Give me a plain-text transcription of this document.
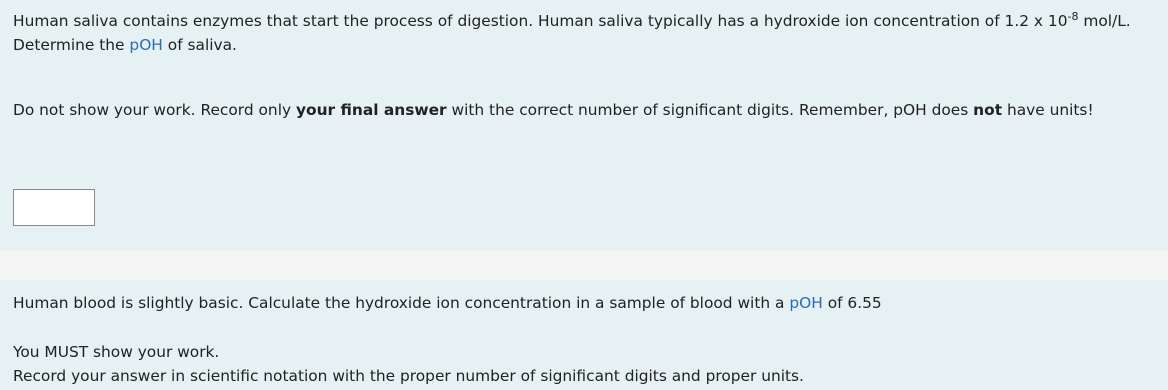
Human saliva contains enzymes that start the process of digestion. Human saliva typically has a hydroxide ion concentration of 1.2 x $10^{-8}$ mol/L. Determine the pOH of saliva.

Do not show your work. Record only your final answer with the correct number of significant digits. Remember, pOH does not have units!

Human blood is slightly basic. Calculate the hydroxide ion concentration in a sample of blood with a pOH of 6.55

You MUST show your work.

Record your answer in scientific notation with the proper number of significant digits and proper units.
